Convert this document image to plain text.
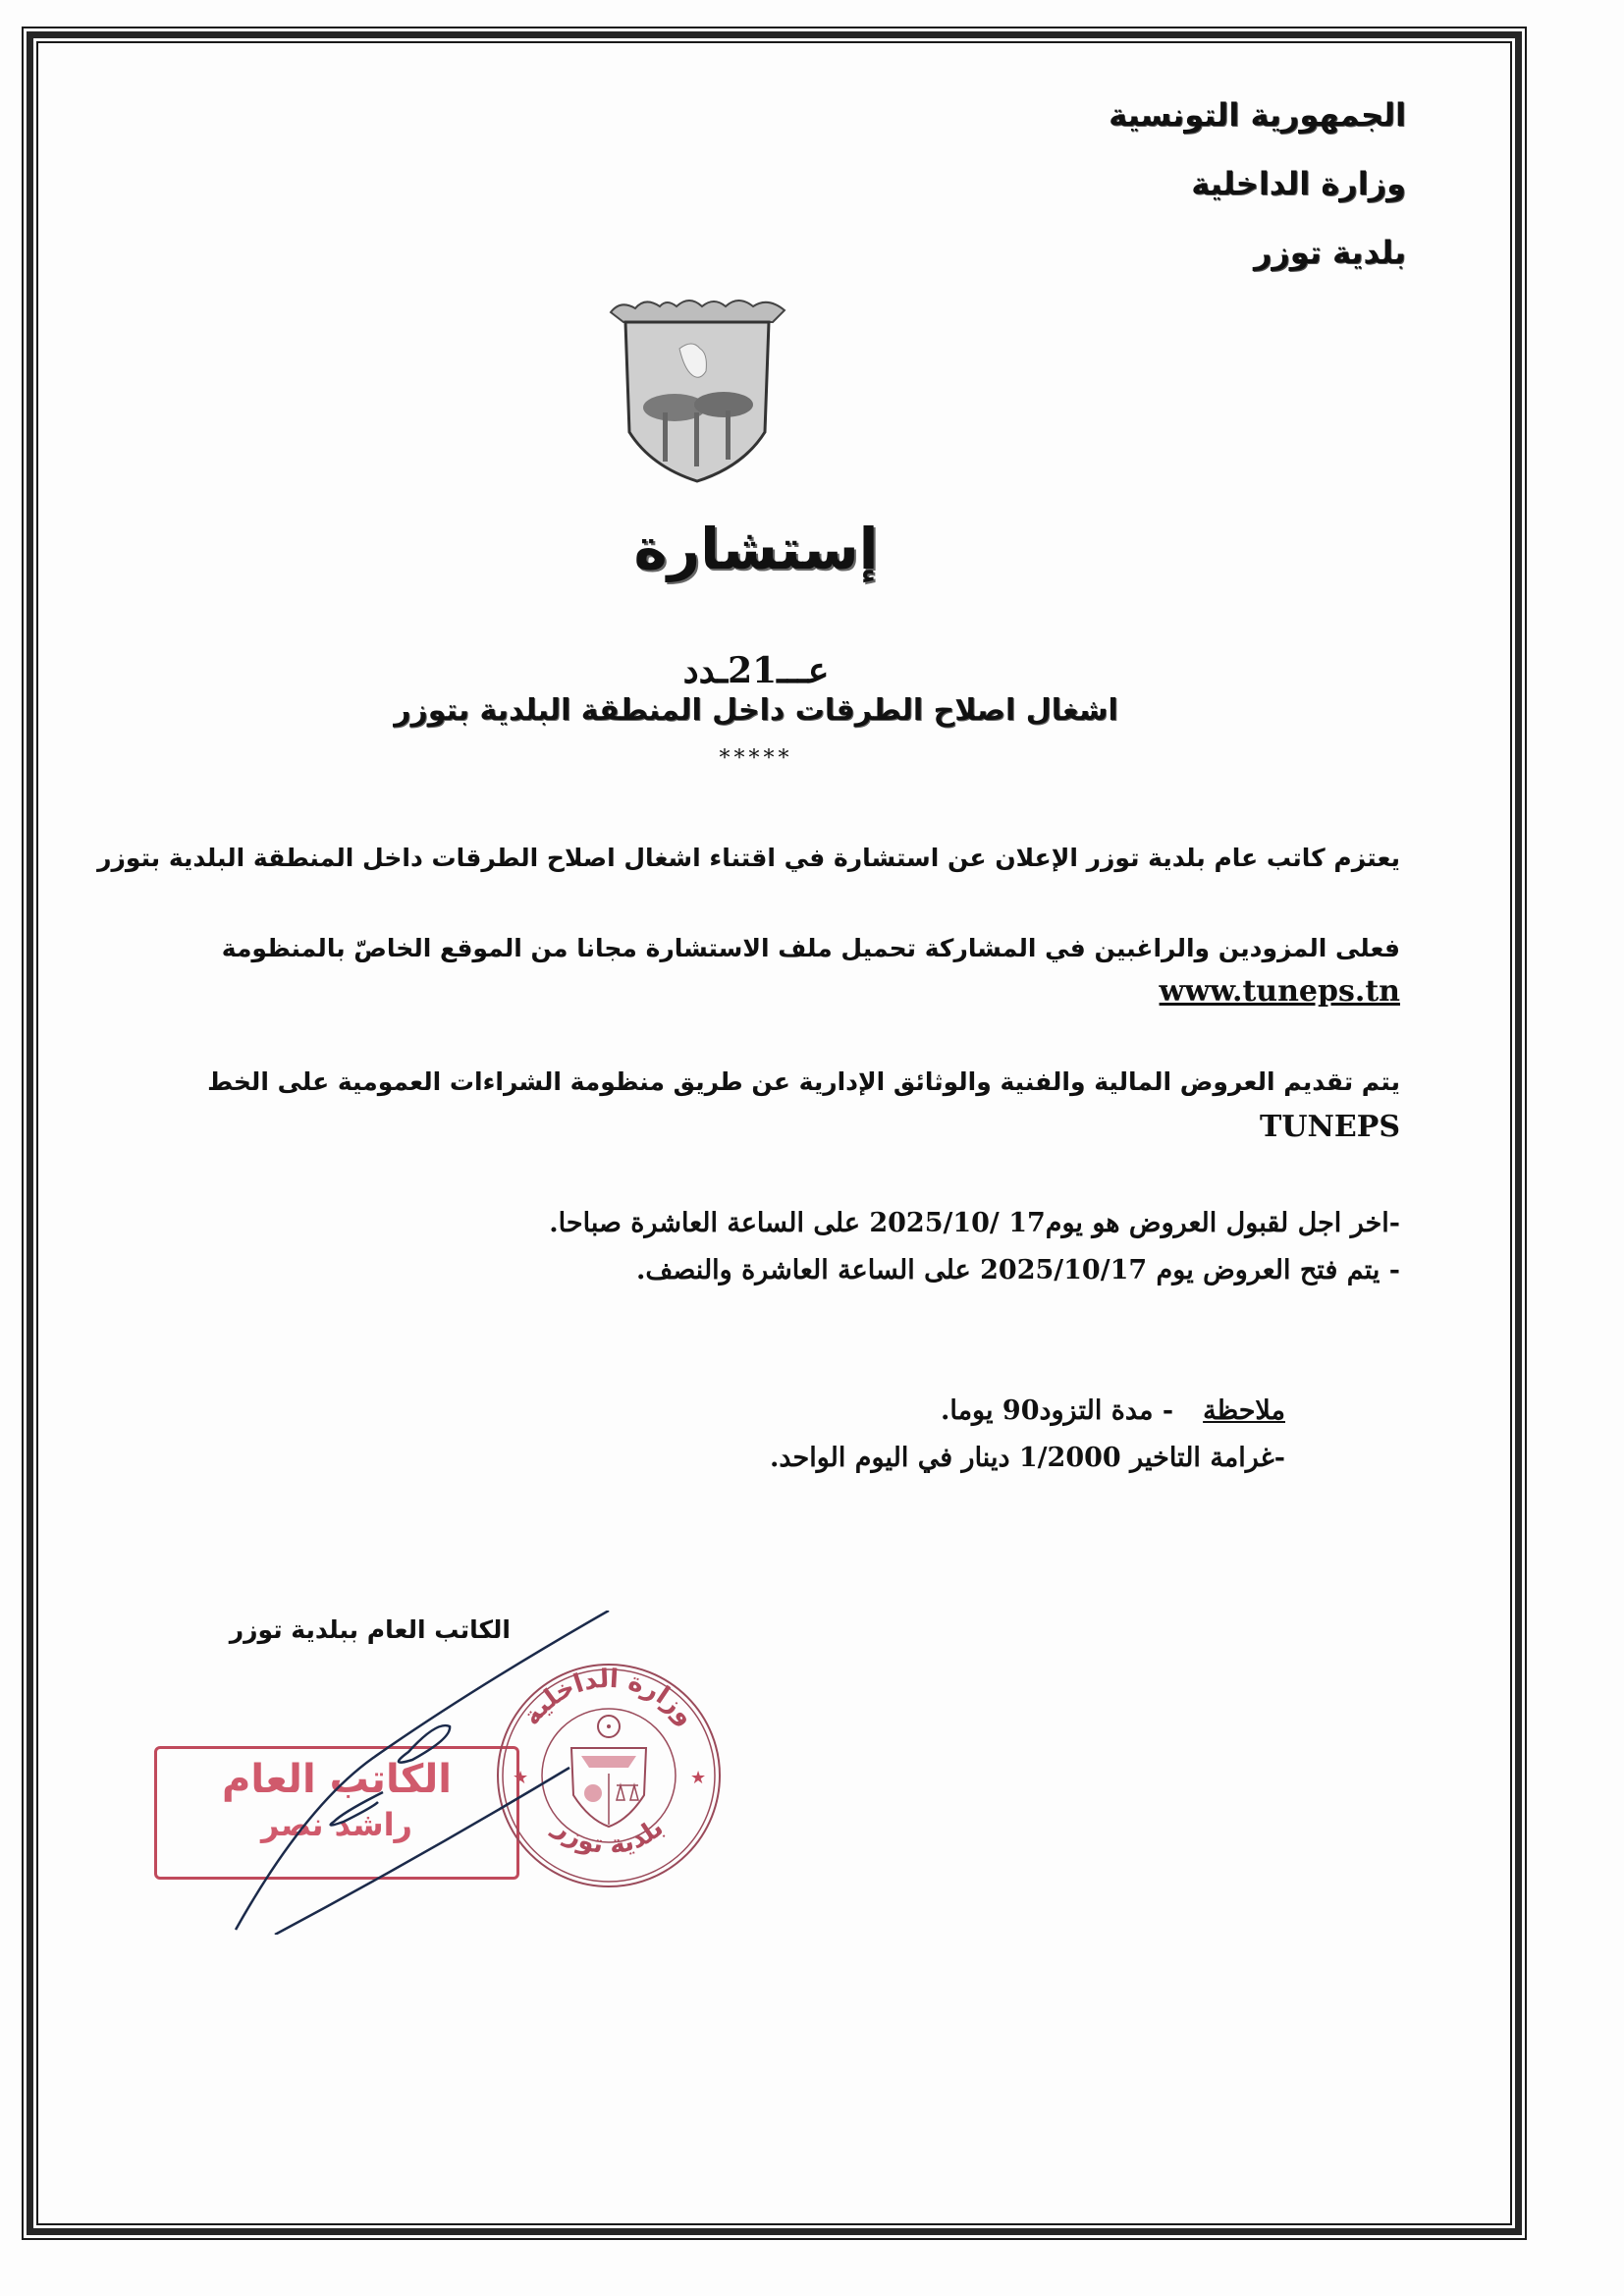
الجمهورية التونسية
وزارة الداخلية
بلدية توزر
إستشارة
عـــ21ـدد
اشغال اصلاح الطرقات داخل المنطقة البلدية بتوزر
*****
يعتزم كاتب عام بلدية توزر الإعلان عن استشارة في اقتناء اشغال اصلاح الطرقات داخل المنطقة البلدية بتوزر
فعلى المزودين والراغبين في المشاركة تحميل ملف الاستشارة مجانا من الموقع الخاصّ بالمنظومة
www.tuneps.tn
يتم تقديم العروض المالية والفنية والوثائق الإدارية عن طريق منظومة الشراءات العمومية على الخط
TUNEPS
-اخر اجل لقبول العروض هو يوم17 /2025/10 على الساعة العاشرة صباحا.
- يتم فتح العروض يوم 2025/10/17 على الساعة العاشرة والنصف.
ملاحظة- مدة التزود90 يوما.
-غرامة التاخير 1/2000 دينار في اليوم الواحد.
الكاتب العام ببلدية توزر
الكاتب العام
راشد نصر
وزارة الداخلية
بلدية توزر
★	★
